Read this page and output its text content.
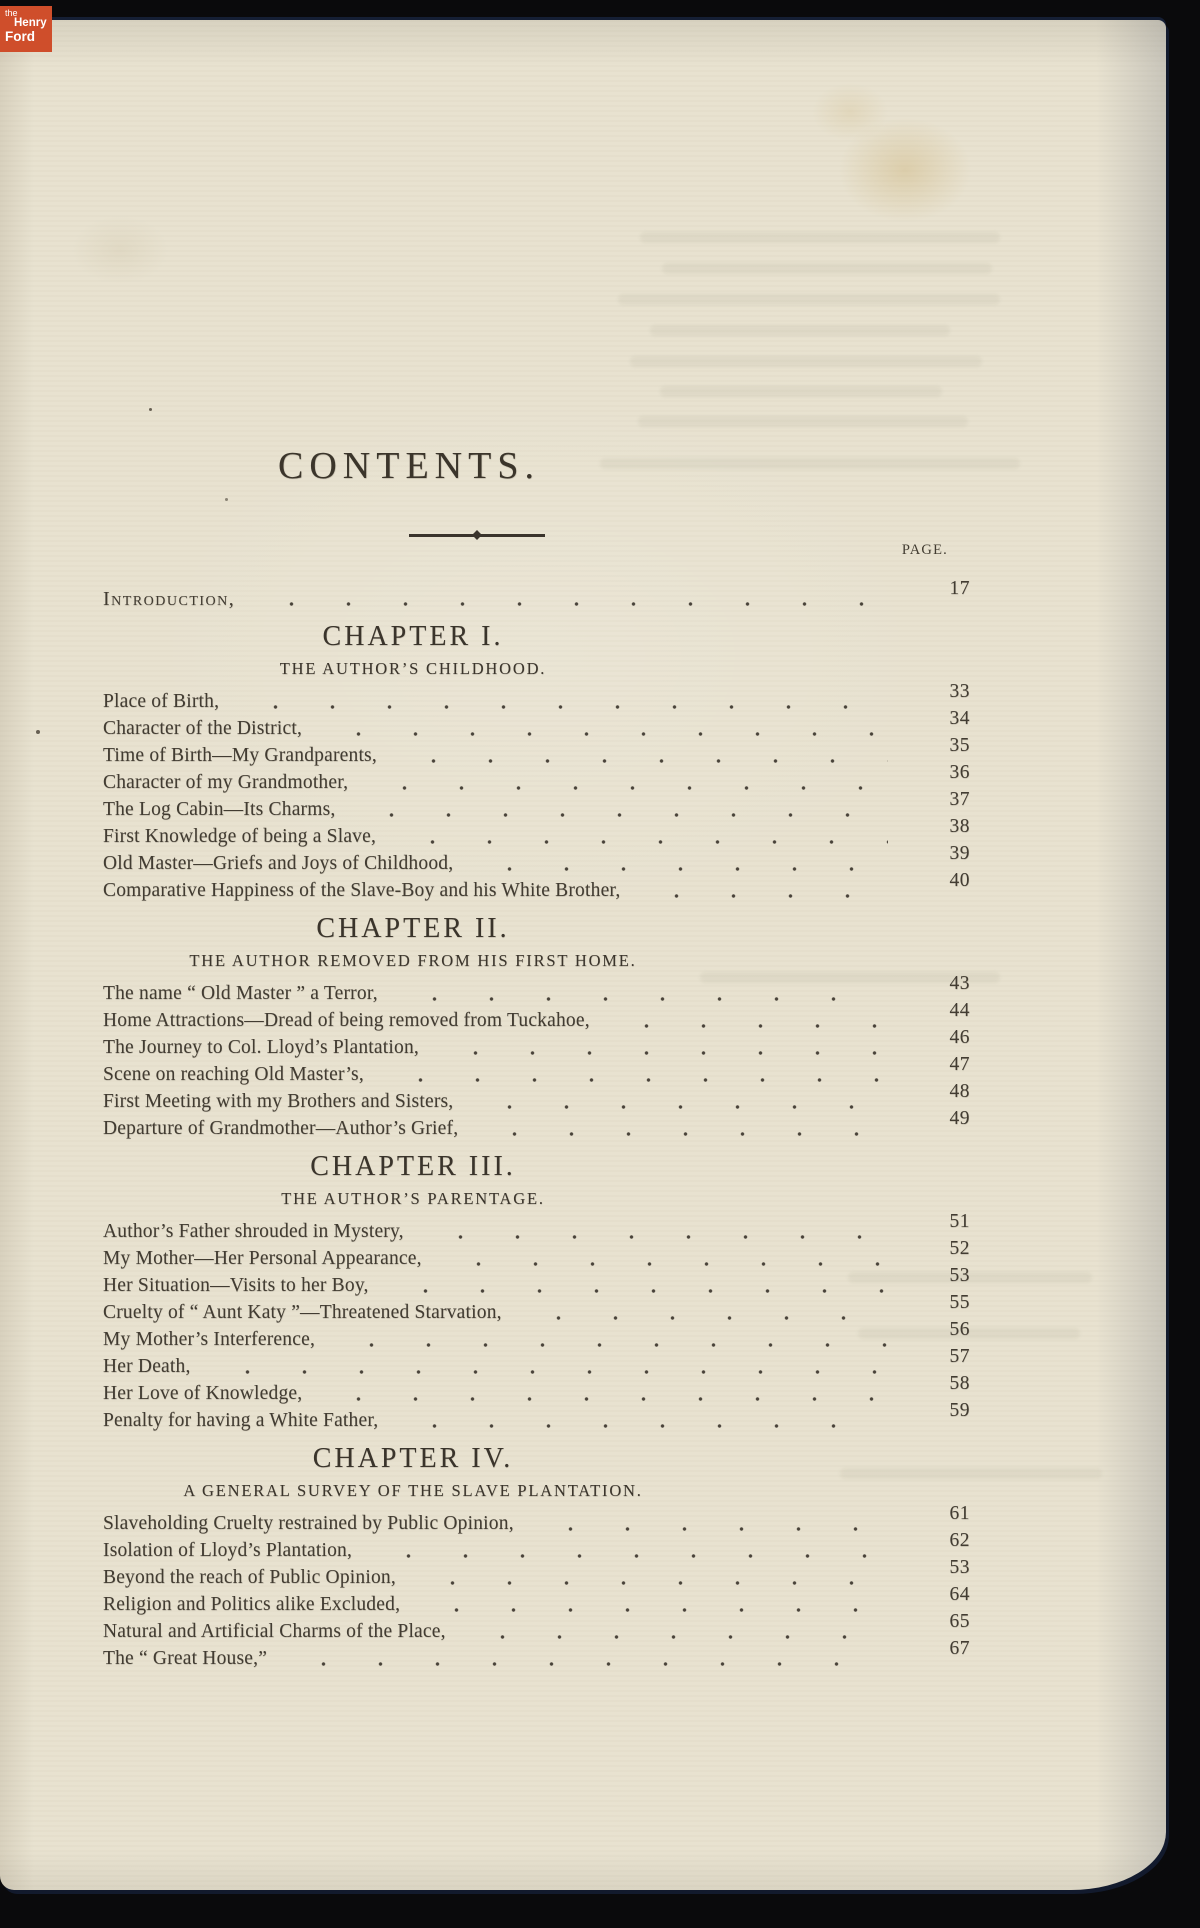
CONTENTS.
PAGE.
Introduction,	17
CHAPTER I.
THE AUTHOR’S CHILDHOOD.
Place of Birth,	33
Character of the District,	34
Time of Birth—My Grandparents,	35
Character of my Grandmother,	36
The Log Cabin—Its Charms,	37
First Knowledge of being a Slave,	38
Old Master—Griefs and Joys of Childhood,	39
Comparative Happiness of the Slave-Boy and his White Brother,	40
CHAPTER II.
THE AUTHOR REMOVED FROM HIS FIRST HOME.
The name “ Old Master ” a Terror,	43
Home Attractions—Dread of being removed from Tuckahoe,	44
The Journey to Col. Lloyd’s Plantation,	46
Scene on reaching Old Master’s,	47
First Meeting with my Brothers and Sisters,	48
Departure of Grandmother—Author’s Grief,	49
CHAPTER III.
THE AUTHOR’S PARENTAGE.
Author’s Father shrouded in Mystery,	51
My Mother—Her Personal Appearance,	52
Her Situation—Visits to her Boy,	53
Cruelty of “ Aunt Katy ”—Threatened Starvation,	55
My Mother’s Interference,	56
Her Death,	57
Her Love of Knowledge,	58
Penalty for having a White Father,	59
CHAPTER IV.
A GENERAL SURVEY OF THE SLAVE PLANTATION.
Slaveholding Cruelty restrained by Public Opinion,	61
Isolation of Lloyd’s Plantation,	62
Beyond the reach of Public Opinion,	53
Religion and Politics alike Excluded,	64
Natural and Artificial Charms of the Place,	65
The “ Great House,”	67
the
Henry
Ford
